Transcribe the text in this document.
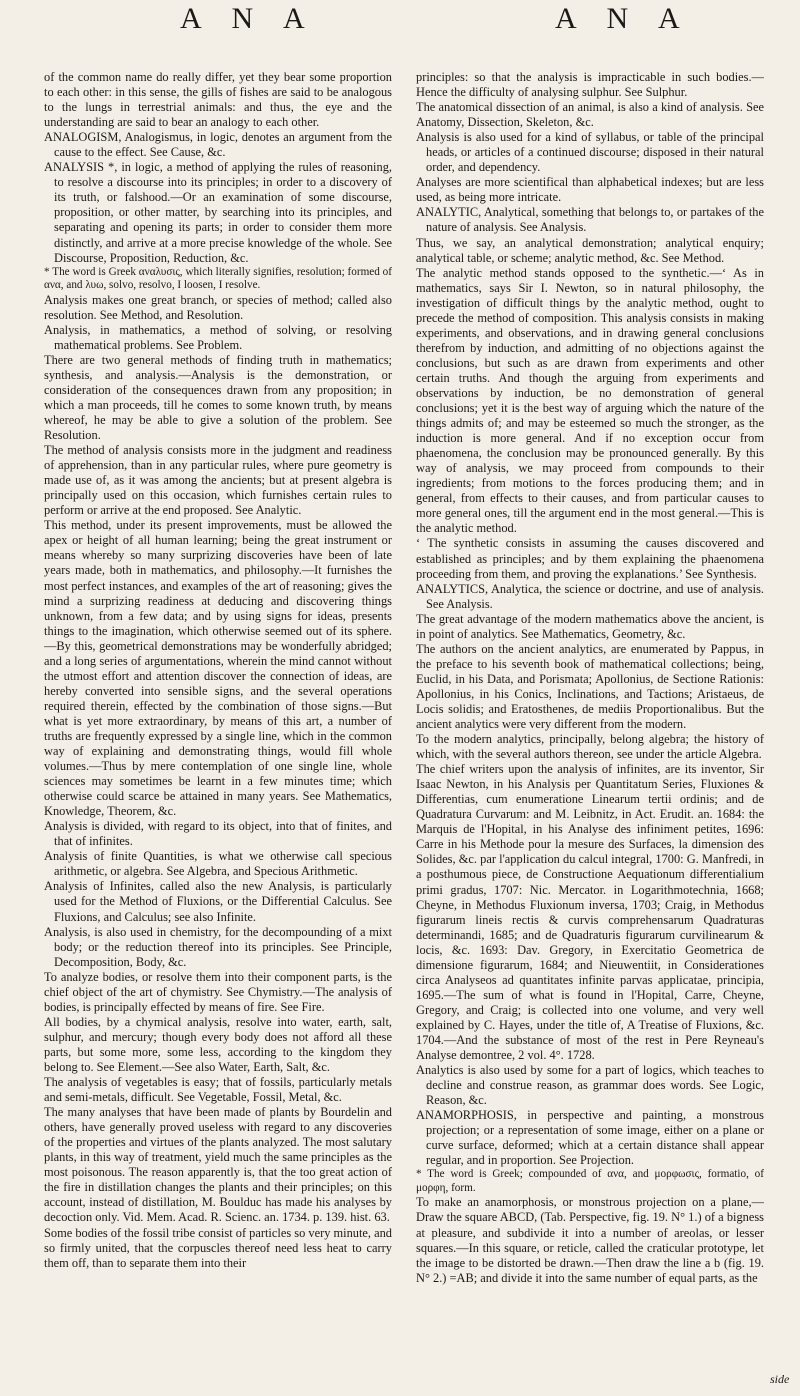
A N A	A N A

of the common name do really differ, yet they bear some proportion to each other: in this sense, the gills of fishes are said to be analogous to the lungs in terrestrial animals: and thus, the eye and the understanding are said to bear an analogy to each other.

ANALOGISM, Analogismus, in logic, denotes an argument from the cause to the effect. See Cause, &c.

ANALYSIS *, in logic, a method of applying the rules of reasoning, to resolve a discourse into its principles; in order to a discovery of its truth, or falshood.—Or an examination of some discourse, proposition, or other matter, by searching into its principles, and separating and opening its parts; in order to consider them more distinctly, and arrive at a more precise knowledge of the whole. See Discourse, Proposition, Reduction, &c.

* The word is Greek αναλυσις, which literally signifies, resolution; formed of ανα, and λυω, solvo, resolvo, I loosen, I resolve.

Analysis makes one great branch, or species of method; called also resolution. See Method, and Resolution.

Analysis, in mathematics, a method of solving, or resolving mathematical problems. See Problem.

There are two general methods of finding truth in mathematics; synthesis, and analysis.—Analysis is the demonstration, or consideration of the consequences drawn from any proposition; in which a man proceeds, till he comes to some known truth, by means whereof, he may be able to give a solution of the problem. See Resolution.

The method of analysis consists more in the judgment and readiness of apprehension, than in any particular rules, where pure geometry is made use of, as it was among the ancients; but at present algebra is principally used on this occasion, which furnishes certain rules to perform or arrive at the end proposed. See Analytic.

This method, under its present improvements, must be allowed the apex or height of all human learning; being the great instrument or means whereby so many surprizing discoveries have been of late years made, both in mathematics, and philosophy.—It furnishes the most perfect instances, and examples of the art of reasoning; gives the mind a surprizing readiness at deducing and discovering things unknown, from a few data; and by using signs for ideas, presents things to the imagination, which otherwise seemed out of its sphere.—By this, geometrical demonstrations may be wonderfully abridged; and a long series of argumentations, wherein the mind cannot without the utmost effort and attention discover the connection of ideas, are hereby converted into sensible signs, and the several operations required therein, effected by the combination of those signs.—But what is yet more extraordinary, by means of this art, a number of truths are frequently expressed by a single line, which in the common way of explaining and demonstrating things, would fill whole volumes.—Thus by mere contemplation of one single line, whole sciences may sometimes be learnt in a few minutes time; which otherwise could scarce be attained in many years. See Mathematics, Knowledge, Theorem, &c.

Analysis is divided, with regard to its object, into that of finites, and that of infinites.

Analysis of finite Quantities, is what we otherwise call specious arithmetic, or algebra. See Algebra, and Specious Arithmetic.

Analysis of Infinites, called also the new Analysis, is particularly used for the Method of Fluxions, or the Differential Calculus. See Fluxions, and Calculus; see also Infinite.

Analysis, is also used in chemistry, for the decompounding of a mixt body; or the reduction thereof into its principles. See Principle, Decomposition, Body, &c.

To analyze bodies, or resolve them into their component parts, is the chief object of the art of chymistry. See Chymistry.—The analysis of bodies, is principally effected by means of fire. See Fire.

All bodies, by a chymical analysis, resolve into water, earth, salt, sulphur, and mercury; though every body does not afford all these parts, but some more, some less, according to the kingdom they belong to. See Element.—See also Water, Earth, Salt, &c.

The analysis of vegetables is easy; that of fossils, particularly metals and semi-metals, difficult. See Vegetable, Fossil, Metal, &c.

The many analyses that have been made of plants by Bourdelin and others, have generally proved useless with regard to any discoveries of the properties and virtues of the plants analyzed. The most salutary plants, in this way of treatment, yield much the same principles as the most poisonous. The reason apparently is, that the too great action of the fire in distillation changes the plants and their principles; on this account, instead of distillation, M. Boulduc has made his analyses by decoction only. Vid. Mem. Acad. R. Scienc. an. 1734. p. 139. hist. 63.

Some bodies of the fossil tribe consist of particles so very minute, and so firmly united, that the corpuscles thereof need less heat to carry them off, than to separate them into their

principles: so that the analysis is impracticable in such bodies.—Hence the difficulty of analysing sulphur. See Sulphur.

The anatomical dissection of an animal, is also a kind of analysis. See Anatomy, Dissection, Skeleton, &c.

Analysis is also used for a kind of syllabus, or table of the principal heads, or articles of a continued discourse; disposed in their natural order, and dependency.

Analyses are more scientifical than alphabetical indexes; but are less used, as being more intricate.

ANALYTIC, Analytical, something that belongs to, or partakes of the nature of analysis. See Analysis.

Thus, we say, an analytical demonstration; analytical enquiry; analytical table, or scheme; analytic method, &c. See Method.

The analytic method stands opposed to the synthetic.—‘ As in mathematics, says Sir I. Newton, so in natural philosophy, the investigation of difficult things by the analytic method, ought to precede the method of composition. This analysis consists in making experiments, and observations, and in drawing general conclusions therefrom by induction, and admitting of no objections against the conclusions, but such as are drawn from experiments and other certain truths. And though the arguing from experiments and observations by induction, be no demonstration of general conclusions; yet it is the best way of arguing which the nature of the things admits of; and may be esteemed so much the stronger, as the induction is more general. And if no exception occur from phaenomena, the conclusion may be pronounced generally. By this way of analysis, we may proceed from compounds to their ingredients; from motions to the forces producing them; and in general, from effects to their causes, and from particular causes to more general ones, till the argument end in the most general.—This is the analytic method.

‘ The synthetic consists in assuming the causes discovered and established as principles; and by them explaining the phaenomena proceeding from them, and proving the explanations.’ See Synthesis.

ANALYTICS, Analytica, the science or doctrine, and use of analysis. See Analysis.

The great advantage of the modern mathematics above the ancient, is in point of analytics. See Mathematics, Geometry, &c.

The authors on the ancient analytics, are enumerated by Pappus, in the preface to his seventh book of mathematical collections; being, Euclid, in his Data, and Porismata; Apollonius, de Sectione Rationis: Apollonius, in his Conics, Inclinations, and Tactions; Aristaeus, de Locis solidis; and Eratosthenes, de mediis Proportionalibus. But the ancient analytics were very different from the modern.

To the modern analytics, principally, belong algebra; the history of which, with the several authors thereon, see under the article Algebra.

The chief writers upon the analysis of infinites, are its inventor, Sir Isaac Newton, in his Analysis per Quantitatum Series, Fluxiones & Differentias, cum enumeratione Linearum tertii ordinis; and de Quadratura Curvarum: and M. Leibnitz, in Act. Erudit. an. 1684: the Marquis de l'Hopital, in his Analyse des infiniment petites, 1696: Carre in his Methode pour la mesure des Surfaces, la dimension des Solides, &c. par l'application du calcul integral, 1700: G. Manfredi, in a posthumous piece, de Constructione Aequationum differentialium primi gradus, 1707: Nic. Mercator. in Logarithmotechnia, 1668; Cheyne, in Methodus Fluxionum inversa, 1703; Craig, in Methodus figurarum lineis rectis & curvis comprehensarum Quadraturas determinandi, 1685; and de Quadraturis figurarum curvilinearum & locis, &c. 1693: Dav. Gregory, in Exercitatio Geometrica de dimensione figurarum, 1684; and Nieuwentiit, in Considerationes circa Analyseos ad quantitates infinite parvas applicatae, principia, 1695.—The sum of what is found in l'Hopital, Carre, Cheyne, Gregory, and Craig; is collected into one volume, and very well explained by C. Hayes, under the title of, A Treatise of Fluxions, &c. 1704.—And the substance of most of the rest in Pere Reyneau's Analyse demontree, 2 vol. 4°. 1728.

Analytics is also used by some for a part of logics, which teaches to decline and construe reason, as grammar does words. See Logic, Reason, &c.

ANAMORPHOSIS, in perspective and painting, a monstrous projection; or a representation of some image, either on a plane or curve surface, deformed; which at a certain distance shall appear regular, and in proportion. See Projection.

* The word is Greek; compounded of ανα, and μορφωσις, formatio, of μορφη, form.

To make an anamorphosis, or monstrous projection on a plane,—Draw the square ABCD, (Tab. Perspective, fig. 19. N° 1.) of a bigness at pleasure, and subdivide it into a number of areolas, or lesser squares.—In this square, or reticle, called the craticular prototype, let the image to be distorted be drawn.—Then draw the line a b (fig. 19. N° 2.) =AB; and divide it into the same number of equal parts, as the

side
